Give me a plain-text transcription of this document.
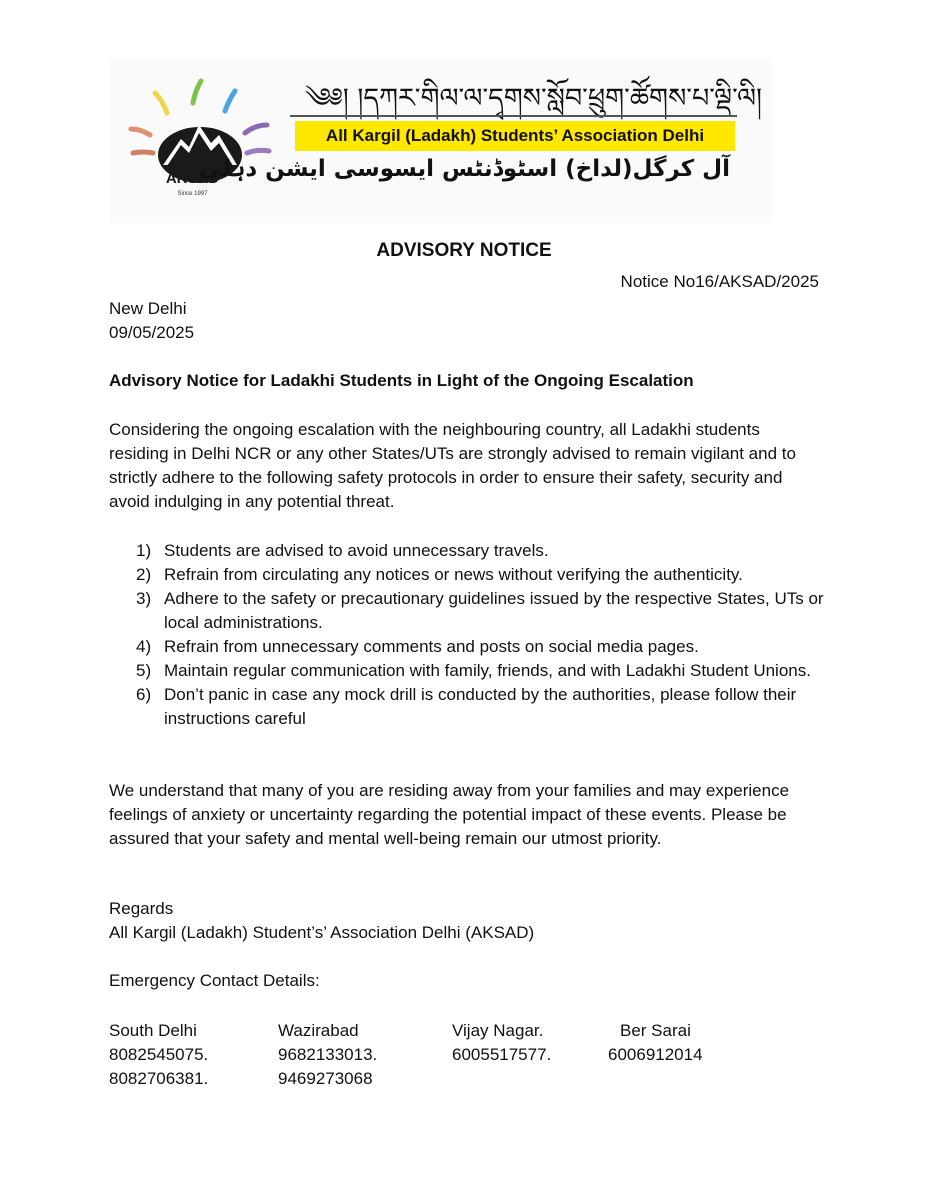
AKSAD
Since 1997
༄༅། །དཀར་གིལ་ལ་དྭགས་སློབ་ཕྲུག་ཚོགས་པ་ལྡི་ལི།
All Kargil (Ladakh) Students’ Association Delhi
آل کرگل(لداخ) اسٹوڈنٹس ایسوسی ایشن دہلی
ADVISORY NOTICE
Notice No16/AKSAD/2025
New Delhi
09/05/2025
Advisory Notice for Ladakhi Students in Light of the Ongoing Escalation

Considering the ongoing escalation with the neighbouring country, all Ladakhi students residing in Delhi NCR or any other States/UTs are strongly advised to remain vigilant and to strictly adhere to the following safety protocols in order to ensure their safety, security and avoid indulging in any potential threat.

1) Students are advised to avoid unnecessary travels.
2) Refrain from circulating any notices or news without verifying the authenticity.
3) Adhere to the safety or precautionary guidelines issued by the respective States, UTs or local administrations.
4) Refrain from unnecessary comments and posts on social media pages.
5) Maintain regular communication with family, friends, and with Ladakhi Student Unions.
6) Don’t panic in case any mock drill is conducted by the authorities, please follow their instructions careful

We understand that many of you are residing away from your families and may experience feelings of anxiety or uncertainty regarding the potential impact of these events. Please be assured that your safety and mental well-being remain our utmost priority.

Regards
All Kargil (Ladakh) Student’s’ Association Delhi (AKSAD)
Emergency Contact Details:
South Delhi
8082545075.
8082706381.
Wazirabad
9682133013.
9469273068
Vijay Nagar.
6005517577.
Ber Sarai
6006912014
